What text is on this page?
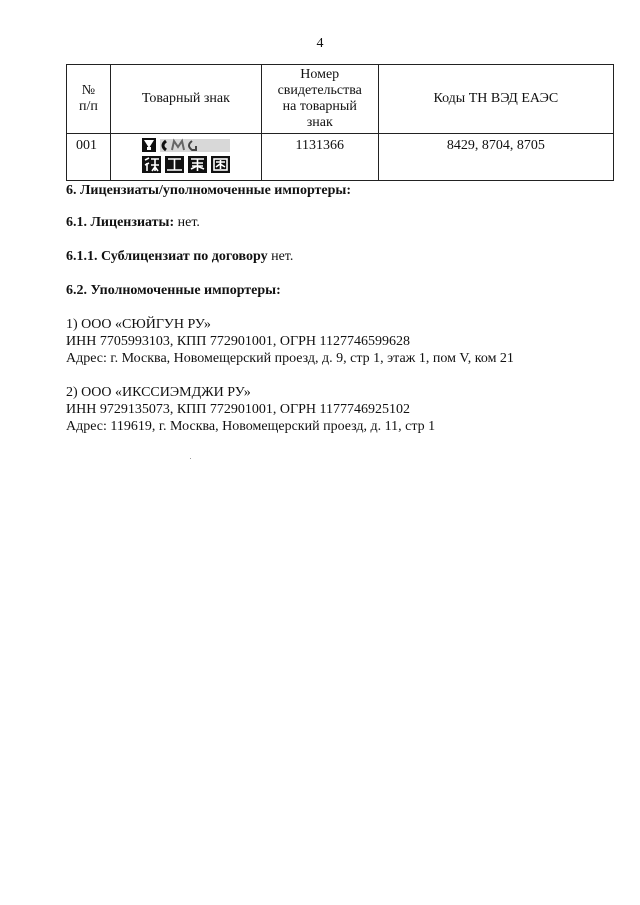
4
№
п/п	Товарный знак	Номер
свидетельства
на товарный
знак	Коды ТН ВЭД ЕАЭС
001		1131366	8429, 8704, 8705
6. Лицензиаты/уполномоченные импортеры:
6.1. Лицензиаты: нет.
6.1.1. Сублицензиат по договору нет.
6.2. Уполномоченные импортеры:
1) ООО «СЮЙГУН РУ»
ИНН 7705993103, КПП 772901001, ОГРН 1127746599628
Адрес: г. Москва, Новомещерский проезд, д. 9, стр 1, этаж 1, пом V, ком 21
2) ООО «ИКССИЭМДЖИ РУ»
ИНН 9729135073, КПП 772901001, ОГРН 1177746925102
Адрес: 119619, г. Москва, Новомещерский проезд, д. 11, стр 1
